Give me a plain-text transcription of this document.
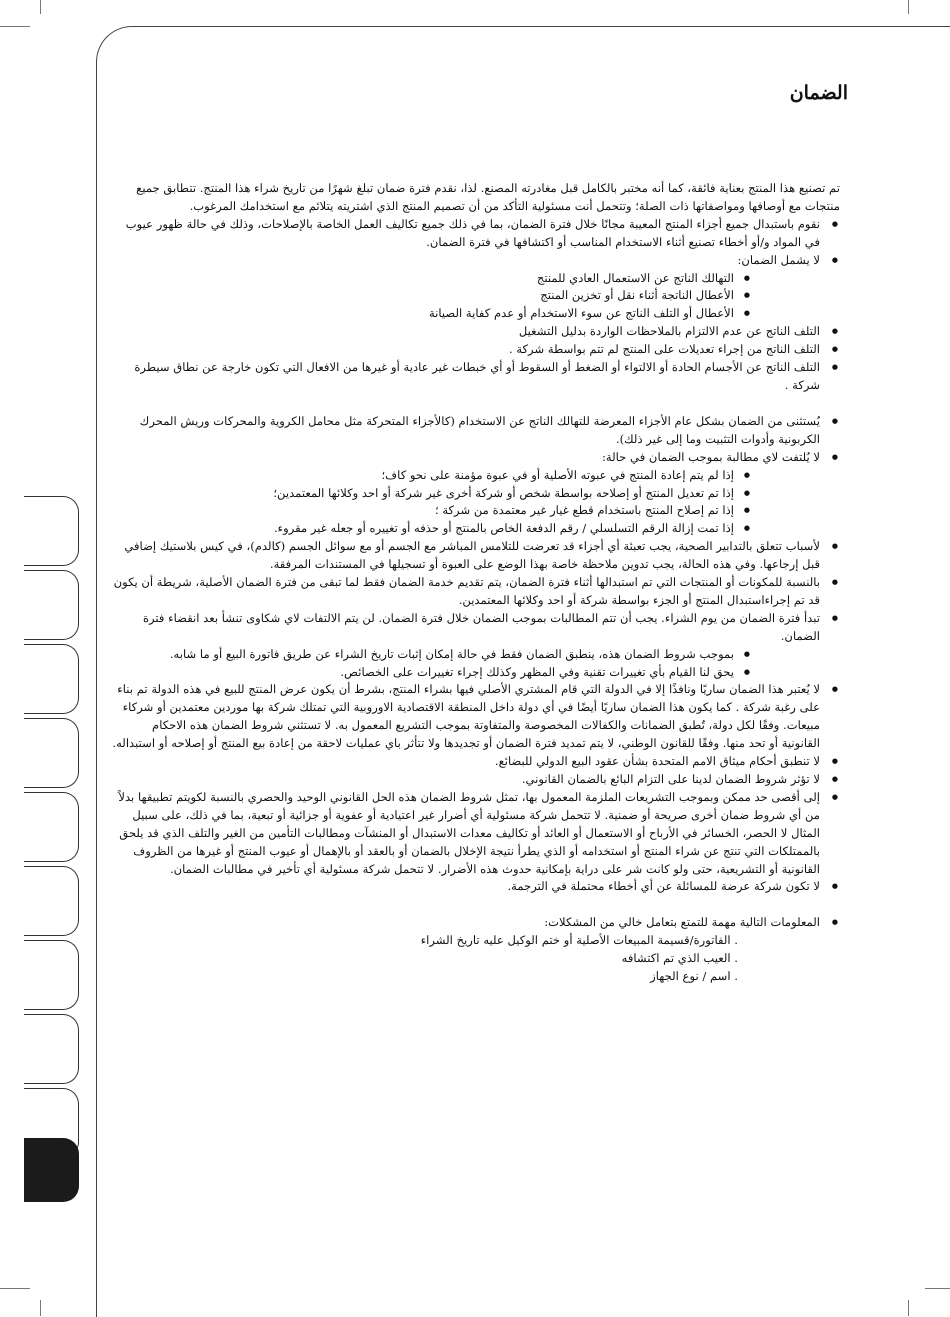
الضمان

تم تصنيع هذا المنتج بعناية فائقة، كما أنه مختبر بالكامل قبل مغادرته المصنع. لذا، نقدم فترة ضمان تبلغ شهرًا من تاريخ شراء هذا المنتج. تتطابق جميع منتجات مع أوصافها ومواصفاتها ذات الصلة؛ وتتحمل أنت مسئولية التأكد من أن تصميم المنتج الذي اشتريته يتلائم مع استخدامك المرغوب.

● نقوم باستبدال جميع أجزاء المنتج المعيبة مجانًا خلال فترة الضمان، بما في ذلك جميع تكاليف العمل الخاصة بالإصلاحات، وذلك في حالة ظهور عيوب في المواد و/أو أخطاء تصنيع أثناء الاستخدام المناسب أو اكتشافها في فترة الضمان.
● لا يشمل الضمان:
● التهالك الناتج عن الاستعمال العادي للمنتج
● الأعطال الناتجة أثناء نقل أو تخزين المنتج
● الأعطال أو التلف الناتج عن سوء الاستخدام أو عدم كفاية الصيانة
● التلف الناتج عن عدم الالتزام بالملاحظات الواردة بدليل التشغيل
● التلف الناتج من إجراء تعديلات على المنتج لم تتم بواسطة شركة .
● التلف الناتج عن الأجسام الحادة أو الالتواء أو الضغط أو السقوط أو أي خبطات غير عادية أو غيرها من الافعال التي تكون خارجة عن نطاق سيطرة شركة .
● يُستثنى من الضمان بشكل عام الأجزاء المعرضة للتهالك الناتج عن الاستخدام (كالأجزاء المتحركة مثل محامل الكروية والمحركات وريش المحرك الكربونية وأدوات التثبيت وما إلى غير ذلك).
● لا يُلتفت لاي مطالبة بموجب الضمان في حالة:
● إذا لم يتم إعادة المنتج في عبوته الأصلية أو في عبوة مؤمنة على نحو كاف؛
● إذا تم تعديل المنتج أو إصلاحه بواسطة شخص أو شركة أخرى غير شركة أو احد وكلائها المعتمدين؛
● إذا تم إصلاح المنتج باستخدام قطع غيار غير معتمدة من شركة ؛
● إذا تمت إزالة الرقم التسلسلي / رقم الدفعة الخاص بالمنتج أو حذفه أو تغييره أو جعله غير مقروء.
● لأسباب تتعلق بالتدابير الصحية، يجب تعبئة أي أجزاء قد تعرضت للتلامس المباشر مع الجسم أو مع سوائل الجسم (كالدم)، في كيس بلاستيك إضافي قبل إرجاعها. وفي هذه الحالة، يجب تدوين ملاحظة خاصة بهذا الوضع على العبوة أو تسجيلها في المستندات المرفقة.
● بالنسبة للمكونات أو المنتجات التي تم استبدالها أثناء فترة الضمان، يتم تقديم خدمة الضمان فقط لما تبقى من فترة الضمان الأصلية، شريطة أن يكون قد تم إجراءاستبدال المنتج أو الجزء بواسطة شركة أو احد وكلائها المعتمدين.
● تبدأ فترة الضمان من يوم الشراء. يجب أن تتم المطالبات بموجب الضمان خلال فترة الضمان. لن يتم الالتفات لاي شكاوى تنشأ بعد انقضاء فترة الضمان.
● بموجب شروط الضمان هذه، ينطبق الضمان فقط في حالة إمكان إثبات تاريخ الشراء عن طريق فاتورة البيع أو ما شابه.
● يحق لنا القيام بأي تغييرات تقنية وفي المظهر وكذلك إجراء تغييرات على الخصائص.
● لا يُعتبر هذا الضمان ساريًا ونافذًا إلا في الدولة التي قام المشتري الأصلي فيها بشراء المنتج، بشرط أن يكون عرض المنتج للبيع في هذه الدولة تم بناء على رغبة شركة . كما يكون هذا الضمان ساريًا أيضًا في أي دولة داخل المنطقة الاقتصادية الاوروبية التي تمتلك شركة بها موردين معتمدين أو شركاء مبيعات. وفقًا لكل دولة، تُطبق الضمانات والكفالات المخصوصة والمتفاوتة بموجب التشريع المعمول به. لا تستثني شروط الضمان هذه الاحكام القانونية أو تحد منها. وفقًا للقانون الوطني، لا يتم تمديد فترة الضمان أو تجديدها ولا تتأثر باي عمليات لاحقة من إعادة بيع المنتج أو إصلاحه أو استبداله.
● لا تنطبق أحكام ميثاق الامم المتحدة بشأن عقود البيع الدولي للبضائع.
● لا تؤثر شروط الضمان لدينا على التزام البائع بالضمان القانوني.
● إلى أقصى حد ممكن وبموجب التشريعات الملزمة المعمول بها، تمثل شروط الضمان هذه الحل القانوني الوحيد والحصري بالنسبة لكويتم تطبيقها بدلاً من أي شروط ضمان أخرى صريحة أو ضمنية. لا تتحمل شركة مسئولية أي أضرار غير اعتيادية أو عفوية أو جزائية أو تبعية، بما في ذلك، على سبيل المثال لا الحصر، الخسائر في الأرباح أو الاستعمال أو العائد أو تكاليف معدات الاستبدال أو المنشآت ومطالبات التأمين من الغير والتلف الذي قد يلحق بالممتلكات التي تنتج عن شراء المنتج أو استخدامه أو الذي يطرأ نتيجة الإخلال بالضمان أو بالعقد أو بالإهمال أو عيوب المنتج أو غيرها من الظروف القانونية أو التشريعية، حتى ولو كانت شر على دراية بإمكانية حدوث هذه الأضرار. لا تتحمل شركة مسئولية أي تأخير في مطالبات الضمان.
● لا تكون شركة عرضة للمسائلة عن أي أخطاء محتملة في الترجمة.
● المعلومات التالية مهمة للتمتع بتعامل خالي من المشكلات:
. الفاتورة/قسيمة المبيعات الأصلية أو ختم الوكيل عليه تاريخ الشراء
. العيب الذي تم اكتشافه
. اسم / نوع الجهاز
